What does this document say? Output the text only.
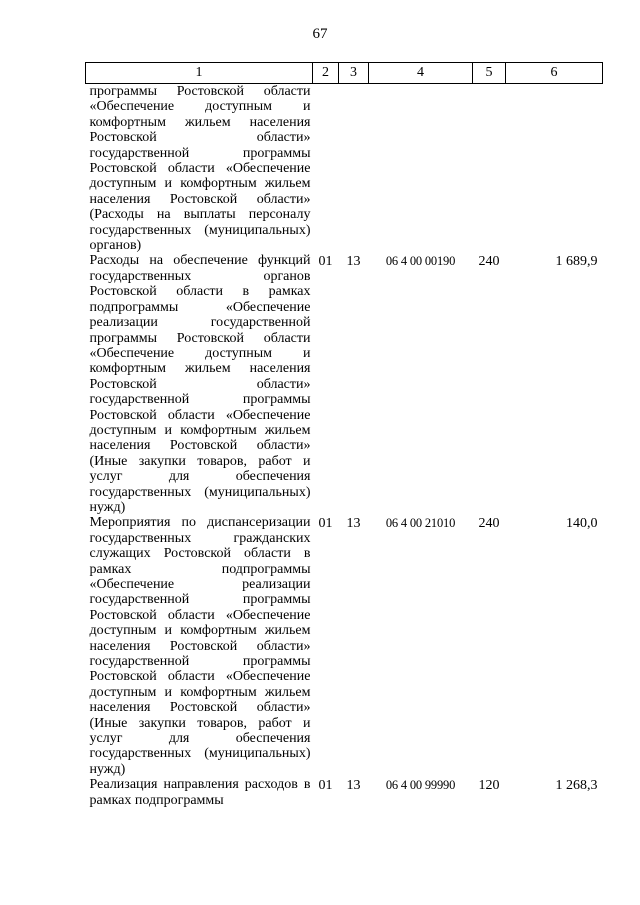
67
1	2	3	4	5	6
программы Ростовской области «Обеспечение доступным и комфортным жильем населения Ростовской области» государственной программы Ростовской области «Обеспечение доступным и комфортным жильем населения Ростовской области» (Расходы на выплаты персоналу государственных (муниципальных) органов)					
Расходы на обеспечение функций государственных органов Ростовской области в рамках подпрограммы «Обеспечение реализации государственной программы Ростовской области «Обеспечение доступным и комфортным жильем населения Ростовской области» государственной программы Ростовской области «Обеспечение доступным и комфортным жильем населения Ростовской области» (Иные закупки товаров, работ и услуг для обеспечения государственных (муниципальных) нужд)	01	13	06 4 00 00190	240	1 689,9
Мероприятия по диспансеризации государственных гражданских служащих Ростовской области в рамках подпрограммы «Обеспечение реализации государственной программы Ростовской области «Обеспечение доступным и комфортным жильем населения Ростовской области» государственной программы Ростовской области «Обеспечение доступным и комфортным жильем населения Ростовской области» (Иные закупки товаров, работ и услуг для обеспечения государственных (муниципальных) нужд)	01	13	06 4 00 21010	240	140,0
Реализация направления расходов в рамках подпрограммы	01	13	06 4 00 99990	120	1 268,3
